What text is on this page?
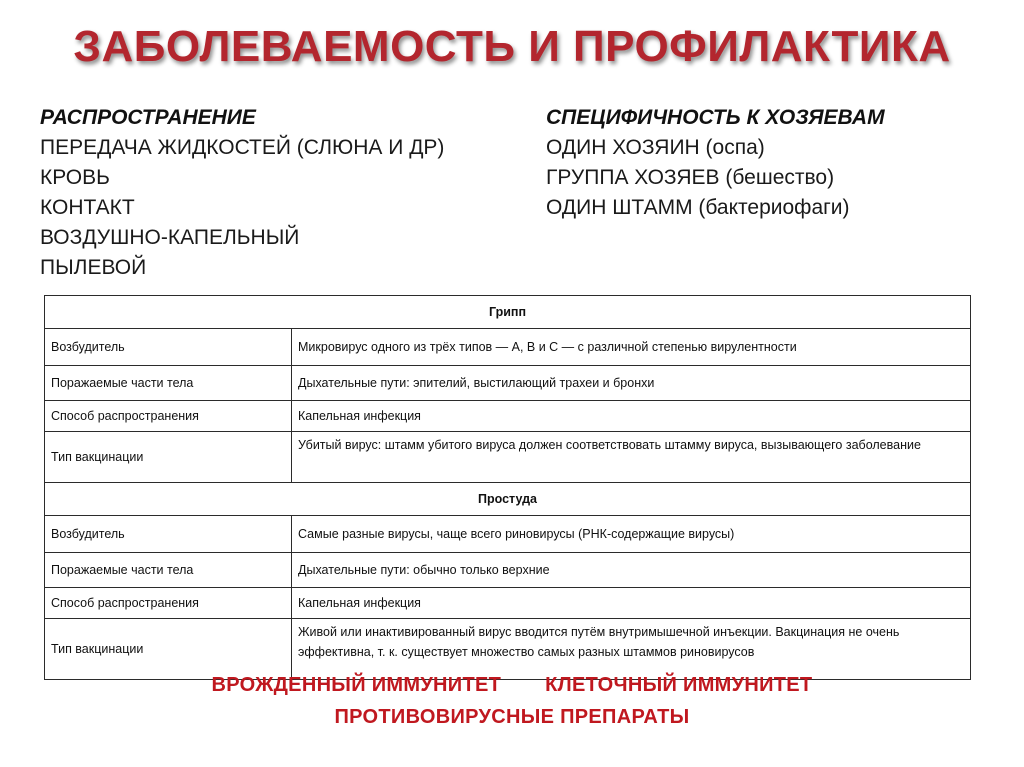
ЗАБОЛЕВАЕМОСТЬ И ПРОФИЛАКТИКА
РАСПРОСТРАНЕНИЕ
ПЕРЕДАЧА ЖИДКОСТЕЙ (СЛЮНА И ДР)
КРОВЬ
КОНТАКТ
ВОЗДУШНО-КАПЕЛЬНЫЙ
ПЫЛЕВОЙ
СПЕЦИФИЧНОСТЬ К ХОЗЯЕВАМ
ОДИН ХОЗЯИН (оспа)
ГРУППА ХОЗЯЕВ (бешество)
ОДИН ШТАММ (бактериофаги)
Грипп	
Возбудитель	Микровирус одного из трёх типов — A, B и C — с различной степенью вирулентности
Поражаемые части тела	Дыхательные пути: эпителий, выстилающий трахеи и бронхи
Способ распространения	Капельная инфекция
Тип вакцинации	Убитый вирус: штамм убитого вируса должен соответствовать штамму вируса, вызывающего заболевание
Простуда	
Возбудитель	Самые разные вирусы, чаще всего риновирусы (РНК-содержащие вирусы)
Поражаемые части тела	Дыхательные пути: обычно только верхние
Способ распространения	Капельная инфекция
Тип вакцинации	Живой или инактивированный вирус вводится путём внутримышечной инъекции. Вакцинация не очень эффективна, т. к. существует множество самых разных штаммов риновирусов
ВРОЖДЕННЫЙ ИММУНИТЕТ КЛЕТОЧНЫЙ ИММУНИТЕТ
ПРОТИВОВИРУСНЫЕ ПРЕПАРАТЫ
